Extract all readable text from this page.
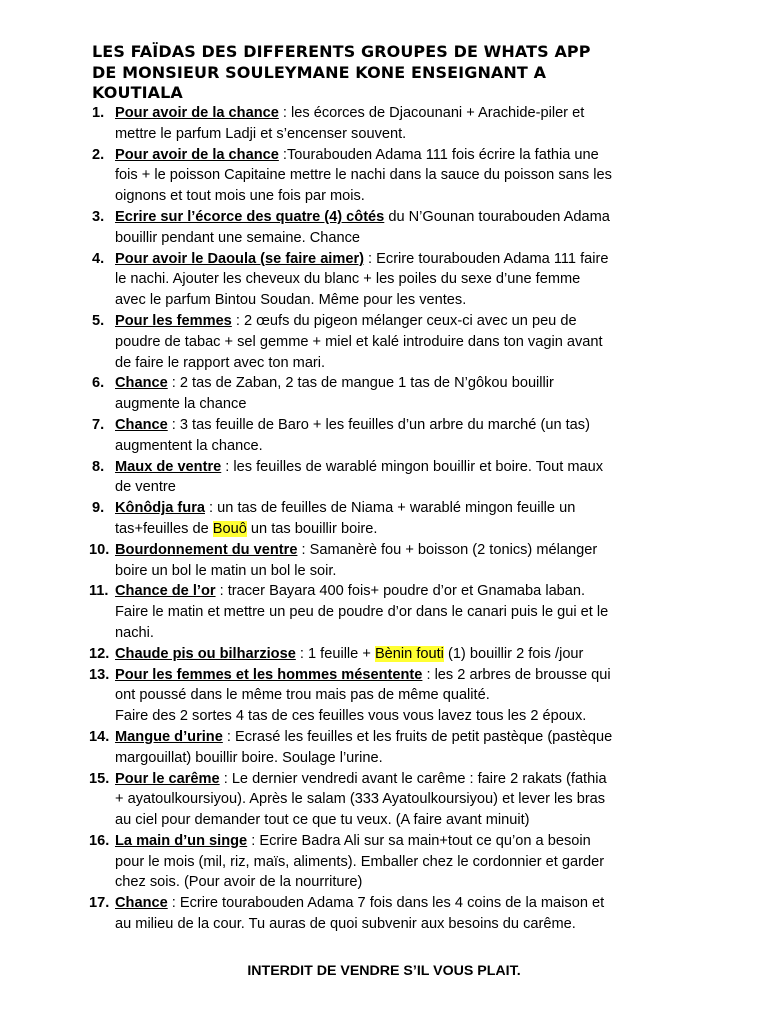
LES FAÏDAS DES DIFFERENTS GROUPES DE WHATS APP
DE MONSIEUR SOULEYMANE KONE ENSEIGNANT A
KOUTIALA
1. Pour avoir de la chance : les écorces de Djacounani + Arachide-piler et
mettre le parfum Ladji et s’encenser souvent.
2. Pour avoir de la chance :Tourabouden Adama 111 fois écrire la fathia une
fois + le poisson Capitaine mettre le nachi dans la sauce du poisson sans les
oignons et tout mois une fois par mois.
3. Ecrire sur l’écorce des quatre (4) côtés du N’Gounan tourabouden Adama
bouillir pendant une semaine. Chance
4. Pour avoir le Daoula (se faire aimer) : Ecrire tourabouden Adama 111 faire
le nachi. Ajouter les cheveux du blanc + les poiles du sexe d’une femme
avec le parfum Bintou Soudan. Même pour les ventes.
5. Pour les femmes : 2 œufs du pigeon mélanger ceux-ci avec un peu de
poudre de tabac + sel gemme + miel et kalé introduire dans ton vagin avant
de faire le rapport avec ton mari.
6. Chance : 2 tas de Zaban, 2 tas de mangue 1 tas de N’gôkou bouillir
augmente la chance
7. Chance : 3 tas feuille de Baro + les feuilles d’un arbre du marché (un tas)
augmentent la chance.
8. Maux de ventre : les feuilles de warablé mingon bouillir et boire. Tout maux
de ventre
9. Kônôdja fura : un tas de feuilles de Niama + warablé mingon feuille un
tas+feuilles de Bouô un tas bouillir boire.
10. Bourdonnement du ventre : Samanèrè fou + boisson (2 tonics) mélanger
boire un bol le matin un bol le soir.
11. Chance de l’or : tracer Bayara 400 fois+ poudre d’or et Gnamaba laban.
Faire le matin et mettre un peu de poudre d’or dans le canari puis le gui et le
nachi.
12. Chaude pis ou bilharziose : 1 feuille + Bènin fouti (1) bouillir 2 fois /jour
13. Pour les femmes et les hommes mésentente : les 2 arbres de brousse qui
ont poussé dans le même trou mais pas de même qualité.
Faire des 2 sortes 4 tas de ces feuilles vous vous lavez tous les 2 époux.
14. Mangue d’urine : Ecrasé les feuilles et les fruits de petit pastèque (pastèque
margouillat) bouillir boire. Soulage l’urine.
15. Pour le carême : Le dernier vendredi avant le carême : faire 2 rakats (fathia
+ ayatoulkoursiyou). Après le salam (333 Ayatoulkoursiyou) et lever les bras
au ciel pour demander tout ce que tu veux. (A faire avant minuit)
16. La main d’un singe : Ecrire Badra Ali sur sa main+tout ce qu’on a besoin
pour le mois (mil, riz, maïs, aliments). Emballer chez le cordonnier et garder
chez sois. (Pour avoir de la nourriture)
17. Chance : Ecrire tourabouden Adama 7 fois dans les 4 coins de la maison et
au milieu de la cour. Tu auras de quoi subvenir aux besoins du carême.

INTERDIT DE VENDRE S’IL VOUS PLAIT.
